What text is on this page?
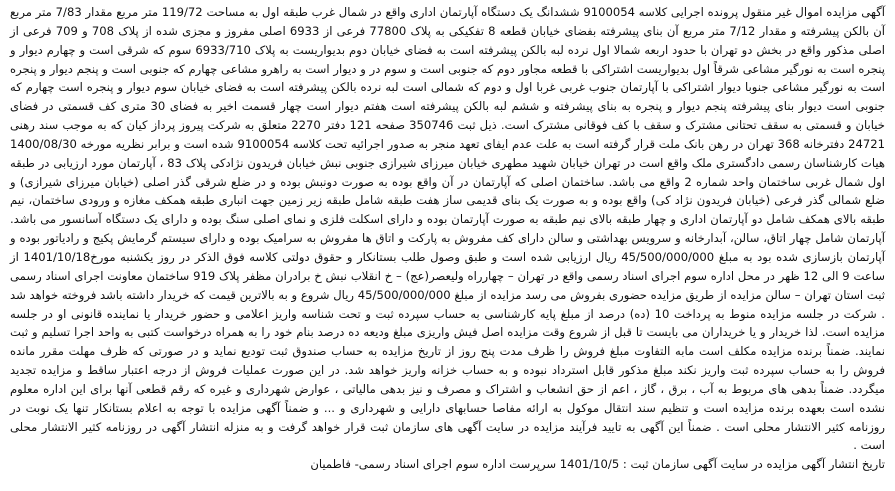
آگهی مزایده اموال غیر منقول پرونده اجرایی کلاسه 9100054 ششدانگ یک دستگاه آپارتمان اداری واقع در شمال غرب طبقه اول به مساحت 119/72 متر مربع مقدار 7/83 متر مربع آن بالکن پیشرفته و مقدار 7/12 متر مربع آن بنای پیشرفته بفضای خیابان قطعه 8 تفکیکی به پلاک 77800 فرعی از 6933 اصلی مفروز و مجزی شده از پلاک 708 و 709 فرعی از اصلی مذکور واقع در بخش دو تهران با حدود اربعه شمالا اول نرده لبه بالکن پیشرفته است به فضای خیابان دوم بدیواریست به پلاک 6933/710 سوم که شرقی است و چهارم دیوار و پنجره است به نورگیر مشاعی شرقاً اول بدیواریست اشتراکی با قطعه مجاور دوم که جنوبی است و سوم در و دیوار است به راهرو مشاعی چهارم که جنوبی است و پنجم دیوار و پنجره است به نورگیر مشاعی جنوبا دیوار اشتراکی با آپارتمان جنوب غربی غربا اول و دوم که شمالی است لبه نرده بالکن پیشرفته است به فضای خیابان سوم دیوار و پنجره است چهارم که جنوبی است دیوار بنای پیشرفته پنجم دیوار و پنجره به بنای پیشرفته و ششم لبه بالکن پیشرفته است هفتم دیوار است چهار قسمت اخیر به فضای 30 متری کف قسمتی در فضای خیابان و قسمتی به سقف تحتانی مشترک و سقف با کف فوقانی مشترک است. ذیل ثبت 350746 صفحه 121 دفتر 2270 متعلق به شرکت پیروز پرداز کیان که به موجب سند رهنی 24721 دفترخانه 368 تهران در رهن بانک ملت قرار گرفته است به علت عدم ایفای تعهد منجر به صدور اجرائیه تحت کلاسه 9100054 شده است و برابر نظریه مورخه 1400/08/30 هیات کارشناسان رسمی دادگستری ملک واقع است در تهران خیابان شهید مطهری خیابان میرزای شیرازی جنوبی نبش خیابان فریدون نژادکی پلاک 83 ، آپارتمان مورد ارزیابی در طبقه اول شمال غربی ساختمان واحد شماره 2 واقع می باشد. ساختمان اصلی که آپارتمان در آن واقع بوده به صورت دونبش بوده و در ضلع شرقی گذر اصلی (خیابان میرزای شیرازی) و ضلع شمالی گذر فرعی (خیابان فریدون نژاد کی) واقع بوده و به صورت یک بنای قدیمی ساز هفت طبقه شامل طبقه زیر زمین جهت انباری طبقه همکف مغازه و ورودی ساختمان، نیم طبقه بالای همکف شامل دو آپارتمان اداری و چهار طبقه بالای نیم طبقه به صورت آپارتمان بوده و دارای اسکلت فلزی و نمای اصلی سنگ بوده و دارای یک دستگاه آسانسور می باشد. آپارتمان شامل چهار اتاق، سالن، آبدارخانه و سرویس بهداشتی و سالن دارای کف مفروش به پارکت و اتاق ها مفروش به سرامیک بوده و دارای سیستم گرمایش پکیج و رادیاتور بوده و آپارتمان بازسازی شده بود به مبلغ 45/500/000/000 ریال ارزیابی شده است و طبق وصول طلب بستانکار و حقوق دولتی کلاسه فوق الذکر در روز یکشنبه مورخ1401/10/18 از ساعت 9 الی 12 ظهر در محل اداره سوم اجرای اسناد رسمی واقع در تهران – چهارراه ولیعصر(عج) – خ انقلاب نبش خ برادران مظفر پلاک 919 ساختمان معاونت اجرای اسناد رسمی ثبت استان تهران – سالن مزایده از طریق مزایده حضوری بفروش می رسد مزایده از مبلغ 45/500/000/000 ریال شروع و به بالاترین قیمت که خریدار داشته باشد فروخته خواهد شد . شرکت در جلسه مزایده منوط به پرداخت 10 (ده) درصد از مبلغ پایه کارشناسی به حساب سپرده ثبت و تحت شناسه واریز اعلامی و حضور خریدار یا نماینده قانونی او در جلسه مزایده است. لذا خریدار و یا خریداران می بایست تا قبل از شروع وقت مزایده اصل فیش واریزی مبلغ ودیعه ده درصد بنام خود را به همراه درخواست کتبی به واحد اجرا تسلیم و ثبت نمایند. ضمناً برنده مزایده مکلف است مابه التفاوت مبلغ فروش را ظرف مدت پنج روز از تاریخ مزایده به حساب صندوق ثبت تودیع نماید و در صورتی که ظرف مهلت مقرر مانده فروش را به حساب سپرده ثبت واریز نکند مبلغ مذکور قابل استرداد نبوده و به حساب خزانه واریز خواهد شد. در این صورت عملیات فروش از درجه اعتبار ساقط و مزایده تجدید میگردد. ضمناً بدهی های مربوط به آب ، برق ، گاز ، اعم از حق انشعاب و اشتراک و مصرف و نیز بدهی مالیاتی ، عوارض شهرداری و غیره که رقم قطعی آنها برای این اداره معلوم نشده است بعهده برنده مزایده است و تنظیم سند انتقال موکول به ارائه مفاصا حسابهای دارایی و شهرداری و ... و ضمناً آگهی مزایده با توجه به اعلام بستانکار تنها یک نوبت در روزنامه کثیر الانتشار محلی است . ضمناً این آگهی به تایید فرآیند مزایده در سایت آگهی های سازمان ثبت قرار خواهد گرفت و به منزله انتشار آگهی در روزنامه کثیر الانتشار محلی است .
تاریخ انتشار آگهی مزایده در سایت آگهی سازمان ثبت : 1401/10/5 سرپرست اداره سوم اجرای اسناد رسمی- فاطمیان
